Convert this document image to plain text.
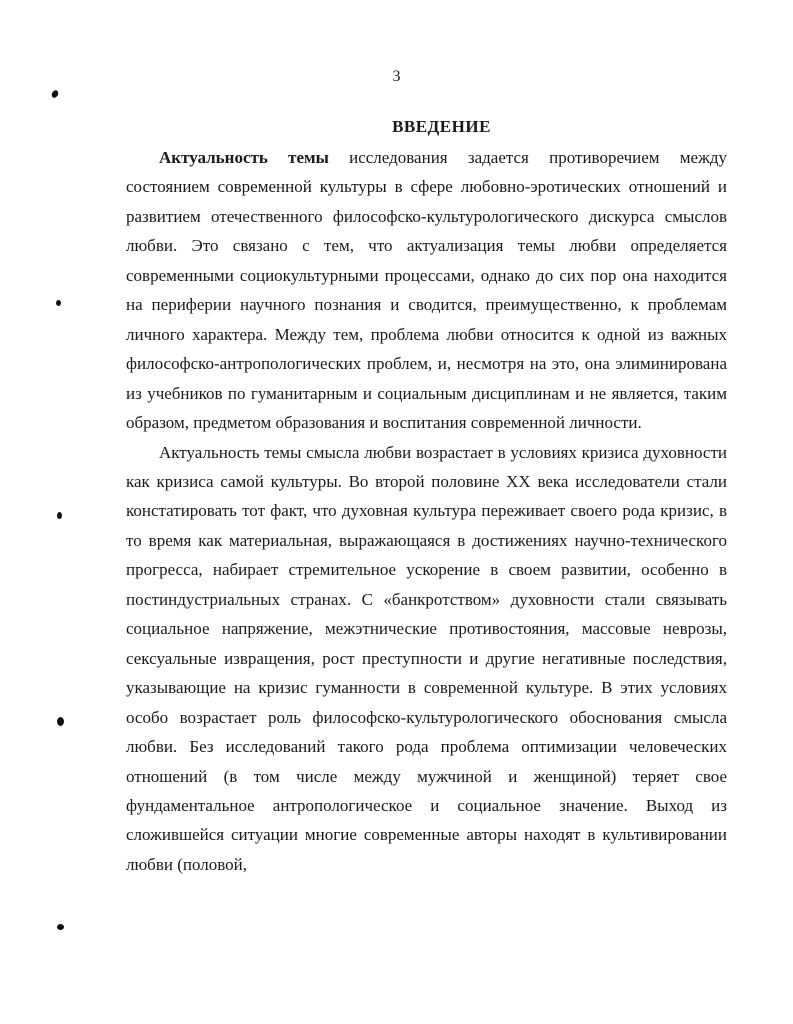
3
ВВЕДЕНИЕ

Актуальность темы исследования задается противоречием между состоянием современной культуры в сфере любовно-эротических отношений и развитием отечественного философско-культурологического дискурса смыслов любви. Это связано с тем, что актуализация темы любви определяется современными социокультурными процессами, однако до сих пор она находится на периферии научного познания и сводится, преимущественно, к проблемам личного характера. Между тем, проблема любви относится к одной из важных философско-антропологических проблем, и, несмотря на это, она элиминирована из учебников по гуманитарным и социальным дисциплинам и не является, таким образом, предметом образования и воспитания современной личности.

Актуальность темы смысла любви возрастает в условиях кризиса духовности как кризиса самой культуры. Во второй половине XX века исследователи стали констатировать тот факт, что духовная культура переживает своего рода кризис, в то время как материальная, выражающаяся в достижениях научно-технического прогресса, набирает стремительное ускорение в своем развитии, особенно в постиндустриальных странах. С «банкротством» духовности стали связывать социальное напряжение, межэтнические противостояния, массовые неврозы, сексуальные извращения, рост преступности и другие негативные последствия, указывающие на кризис гуманности в современной культуре. В этих условиях особо возрастает роль философско-культурологического обоснования смысла любви. Без исследований такого рода проблема оптимизации человеческих отношений (в том числе между мужчиной и женщиной) теряет свое фундаментальное антропологическое и социальное значение. Выход из сложившейся ситуации многие современные авторы находят в культивировании любви (половой,
